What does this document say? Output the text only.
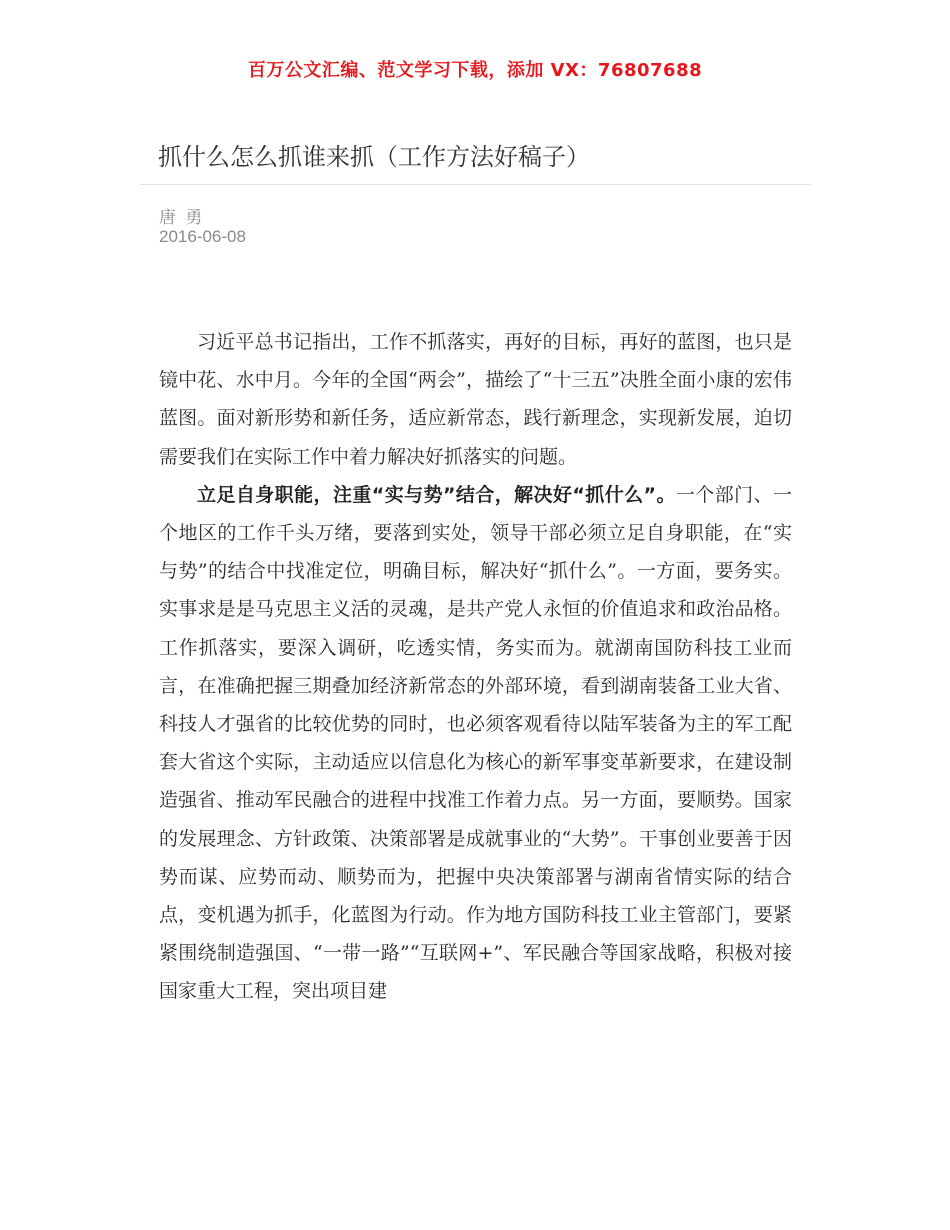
百万公文汇编、范文学习下载，添加 VX：76807688
抓什么怎么抓谁来抓（工作方法好稿子）
唐 勇
2016-06-08

习近平总书记指出，工作不抓落实，再好的目标，再好的蓝图，也只是镜中花、水中月。今年的全国“两会”，描绘了“十三五”决胜全面小康的宏伟蓝图。面对新形势和新任务，适应新常态，践行新理念，实现新发展，迫切需要我们在实际工作中着力解决好抓落实的问题。

立足自身职能，注重“实与势”结合，解决好“抓什么”。一个部门、一个地区的工作千头万绪，要落到实处，领导干部必须立足自身职能，在“实与势”的结合中找准定位，明确目标，解决好“抓什么”。一方面，要务实。实事求是是马克思主义活的灵魂，是共产党人永恒的价值追求和政治品格。工作抓落实，要深入调研，吃透实情，务实而为。就湖南国防科技工业而言，在准确把握三期叠加经济新常态的外部环境，看到湖南装备工业大省、科技人才强省的比较优势的同时，也必须客观看待以陆军装备为主的军工配套大省这个实际，主动适应以信息化为核心的新军事变革新要求，在建设制造强省、推动军民融合的进程中找准工作着力点。另一方面，要顺势。国家的发展理念、方针政策、决策部署是成就事业的“大势”。干事创业要善于因势而谋、应势而动、顺势而为，把握中央决策部署与湖南省情实际的结合点，变机遇为抓手，化蓝图为行动。作为地方国防科技工业主管部门，要紧紧围绕制造强国、“一带一路”“互联网+”、军民融合等国家战略，积极对接国家重大工程，突出项目建
